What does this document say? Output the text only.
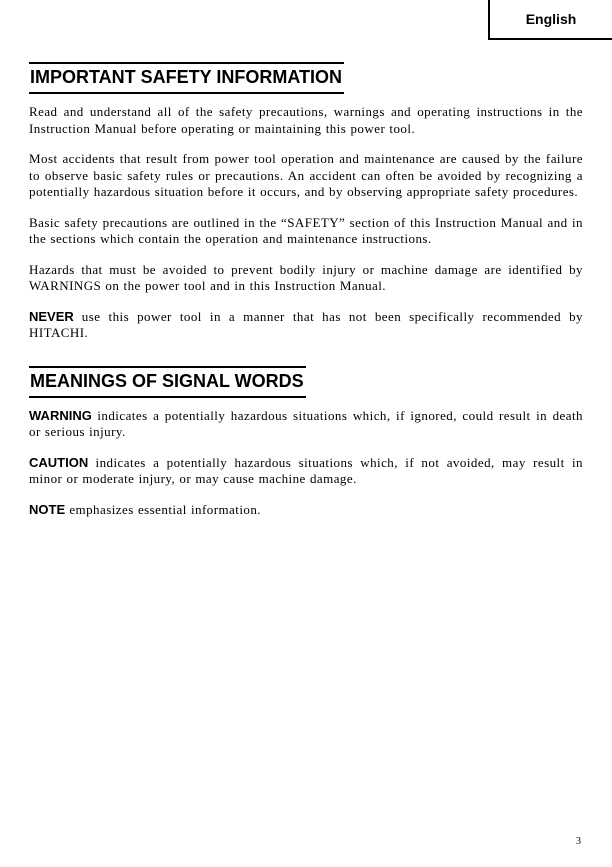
English
IMPORTANT SAFETY INFORMATION

Read and understand all of the safety precautions, warnings and operating instructions in the Instruction Manual before operating or maintaining this power tool.

Most accidents that result from power tool operation and maintenance are caused by the failure to observe basic safety rules or precautions. An accident can often be avoided by recognizing a potentially hazardous situation before it occurs, and by observing appropriate safety procedures.

Basic safety precautions are outlined in the “SAFETY” section of this Instruction Manual and in the sections which contain the operation and maintenance instructions.

Hazards that must be avoided to prevent bodily injury or machine damage are identified by WARNINGS on the power tool and in this Instruction Manual.

NEVER use this power tool in a manner that has not been specifically recommended by HITACHI.

MEANINGS OF SIGNAL WORDS

WARNING indicates a potentially hazardous situations which, if ignored, could result in death or serious injury.

CAUTION indicates a potentially hazardous situations which, if not avoided, may result in minor or moderate injury, or may cause machine damage.

NOTE emphasizes essential information.

3
